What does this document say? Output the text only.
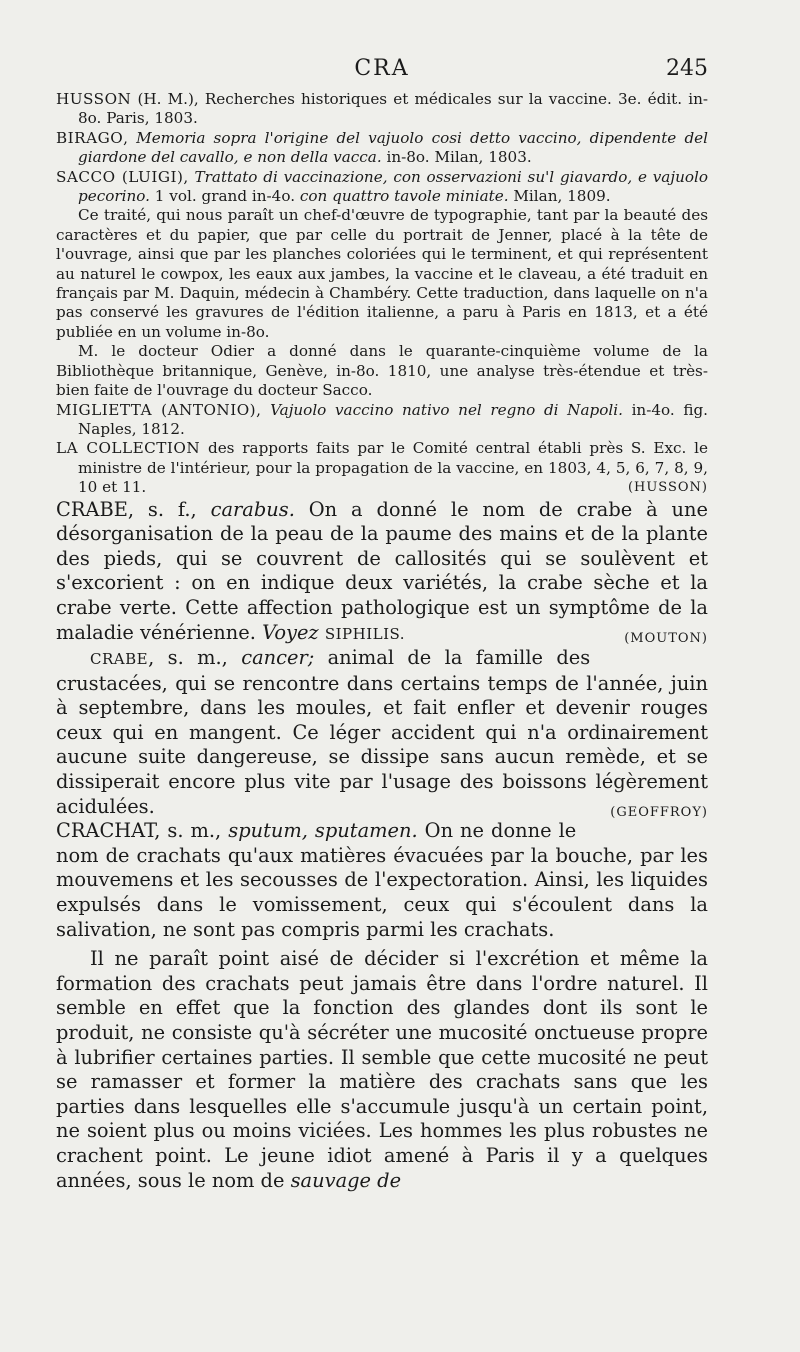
CRA	245

HUSSON (H. M.), Recherches historiques et médicales sur la vaccine. 3e. édit. in-8o. Paris, 1803.

BIRAGO, Memoria sopra l'origine del vajuolo cosi detto vaccino, dipendente del giardone del cavallo, e non della vacca. in-8o. Milan, 1803.

SACCO (LUIGI), Trattato di vaccinazione, con osservazioni su'l giavardo, e vajuolo pecorino. 1 vol. grand in-4o. con quattro tavole miniate. Milan, 1809.

Ce traité, qui nous paraît un chef-d'œuvre de typographie, tant par la beauté des caractères et du papier, que par celle du portrait de Jenner, placé à la tête de l'ouvrage, ainsi que par les planches coloriées qui le terminent, et qui représentent au naturel le cowpox, les eaux aux jambes, la vaccine et le claveau, a été traduit en français par M. Daquin, médecin à Chambéry. Cette traduction, dans laquelle on n'a pas conservé les gravures de l'édition italienne, a paru à Paris en 1813, et a été publiée en un volume in-8o.

M. le docteur Odier a donné dans le quarante-cinquième volume de la Bibliothèque britannique, Genève, in-8o. 1810, une analyse très-étendue et très-bien faite de l'ouvrage du docteur Sacco.

MIGLIETTA (ANTONIO), Vajuolo vaccino nativo nel regno di Napoli. in-4o. fig. Naples, 1812.

LA COLLECTION des rapports faits par le Comité central établi près S. Exc. le ministre de l'intérieur, pour la propagation de la vaccine, en 1803, 4, 5, 6, 7, 8, 9, 10 et 11.	(HUSSON)

CRABE, s. f., carabus. On a donné le nom de crabe à une désorganisation de la peau de la paume des mains et de la plante des pieds, qui se couvrent de callosités qui se soulèvent et s'excorient : on en indique deux variétés, la crabe sèche et la crabe verte. Cette affection pathologique est un symptôme de la maladie vénérienne. Voyez SIPHILIS.	(MOUTON)

CRABE, s. m., cancer; animal de la famille des crustacées, qui se rencontre dans certains temps de l'année, juin à septembre, dans les moules, et fait enfler et devenir rouges ceux qui en mangent. Ce léger accident qui n'a ordinairement aucune suite dangereuse, se dissipe sans aucun remède, et se dissiperait encore plus vite par l'usage des boissons légèrement acidulées.	(GEOFFROY)

CRACHAT, s. m., sputum, sputamen. On ne donne le nom de crachats qu'aux matières évacuées par la bouche, par les mouvemens et les secousses de l'expectoration. Ainsi, les liquides expulsés dans le vomissement, ceux qui s'écoulent dans la salivation, ne sont pas compris parmi les crachats.

Il ne paraît point aisé de décider si l'excrétion et même la formation des crachats peut jamais être dans l'ordre naturel. Il semble en effet que la fonction des glandes dont ils sont le produit, ne consiste qu'à sécréter une mucosité onctueuse propre à lubrifier certaines parties. Il semble que cette mucosité ne peut se ramasser et former la matière des crachats sans que les parties dans lesquelles elle s'accumule jusqu'à un certain point, ne soient plus ou moins viciées. Les hommes les plus robustes ne crachent point. Le jeune idiot amené à Paris il y a quelques années, sous le nom de sauvage de
